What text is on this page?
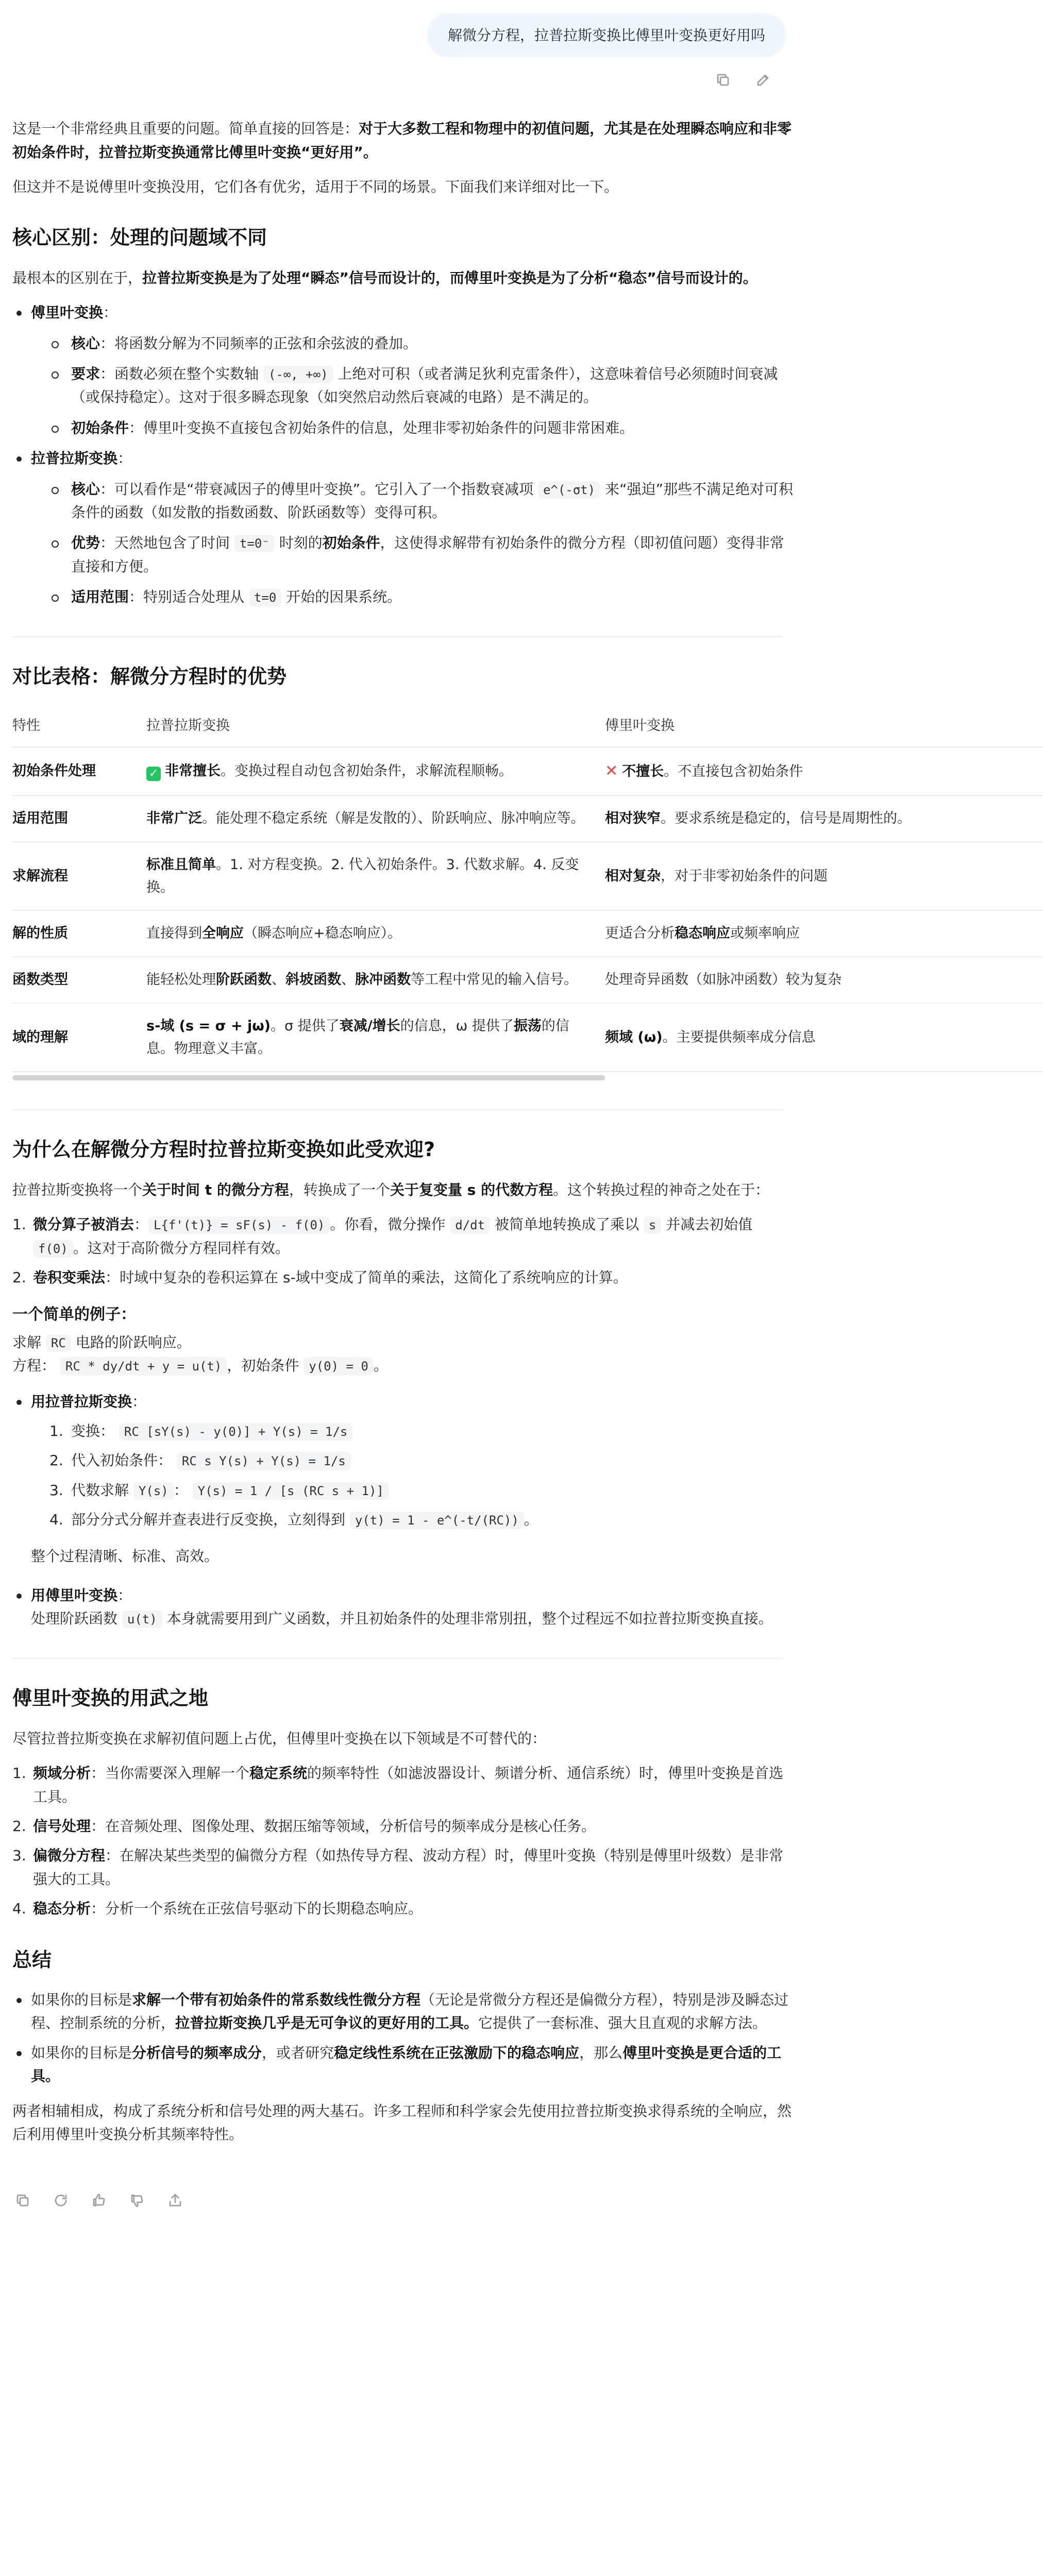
解微分方程，拉普拉斯变换比傅里叶变换更好用吗

这是一个非常经典且重要的问题。简单直接的回答是：对于大多数工程和物理中的初值问题，尤其是在处理瞬态响应和非零初始条件时，拉普拉斯变换通常比傅里叶变换“更好用”。

但这并不是说傅里叶变换没用，它们各有优劣，适用于不同的场景。下面我们来详细对比一下。

核心区别：处理的问题域不同

最根本的区别在于，拉普拉斯变换是为了处理“瞬态”信号而设计的，而傅里叶变换是为了分析“稳态”信号而设计的。

傅里叶变换：
核心：将函数分解为不同频率的正弦和余弦波的叠加。
要求：函数必须在整个实数轴 (-∞, +∞) 上绝对可积（或者满足狄利克雷条件），这意味着信号必须随时间衰减（或保持稳定）。这对于很多瞬态现象（如突然启动然后衰减的电路）是不满足的。
初始条件：傅里叶变换不直接包含初始条件的信息，处理非零初始条件的问题非常困难。
拉普拉斯变换：
核心：可以看作是“带衰减因子的傅里叶变换”。它引入了一个指数衰减项 e^(-σt) 来“强迫”那些不满足绝对可积条件的函数（如发散的指数函数、阶跃函数等）变得可积。
优势：天然地包含了时间 t=0⁻ 时刻的初始条件，这使得求解带有初始条件的微分方程（即初值问题）变得非常直接和方便。
适用范围：特别适合处理从 t=0 开始的因果系统。
对比表格：解微分方程时的优势
特性	拉普拉斯变换	傅里叶变换
初始条件处理	✓ 非常擅长。变换过程自动包含初始条件，求解流程顺畅。	✕ 不擅长。不直接包含初始条件
适用范围	非常广泛。能处理不稳定系统（解是发散的）、阶跃响应、脉冲响应等。	相对狭窄。要求系统是稳定的，信号是周期性的。
求解流程	标准且简单。1. 对方程变换。2. 代入初始条件。3. 代数求解。4. 反变换。	相对复杂，对于非零初始条件的问题
解的性质	直接得到全响应（瞬态响应+稳态响应）。	更适合分析稳态响应或频率响应
函数类型	能轻松处理阶跃函数、斜坡函数、脉冲函数等工程中常见的输入信号。	处理奇异函数（如脉冲函数）较为复杂
域的理解	s-域 (s = σ + jω)。σ 提供了衰减/增长的信息，ω 提供了振荡的信息。物理意义丰富。	频域 (ω)。主要提供频率成分信息
为什么在解微分方程时拉普拉斯变换如此受欢迎?

拉普拉斯变换将一个关于时间 t 的微分方程，转换成了一个关于复变量 s 的代数方程。这个转换过程的神奇之处在于：

1. 微分算子被消去： L{f'(t)} = sF(s) - f(0) 。你看，微分操作 d/dt 被简单地转换成了乘以 s 并减去初始值 f(0) 。这对于高阶微分方程同样有效。
2. 卷积变乘法：时域中复杂的卷积运算在 s-域中变成了简单的乘法，这简化了系统响应的计算。
一个简单的例子：
求解 RC 电路的阶跃响应。
方程： RC * dy/dt + y = u(t) ，初始条件 y(0) = 0 。
用拉普拉斯变换：
1. 变换： RC [sY(s) - y(0)] + Y(s) = 1/s
2. 代入初始条件： RC s Y(s) + Y(s) = 1/s
3. 代数求解 Y(s) ： Y(s) = 1 / [s (RC s + 1)]
4. 部分分式分解并查表进行反变换，立刻得到 y(t) = 1 - e^(-t/(RC)) 。

整个过程清晰、标准、高效。

用傅里叶变换：
处理阶跃函数 u(t) 本身就需要用到广义函数，并且初始条件的处理非常別扭，整个过程远不如拉普拉斯变换直接。
傅里叶变换的用武之地

尽管拉普拉斯变换在求解初值问题上占优，但傅里叶变换在以下领域是不可替代的：

1. 频域分析：当你需要深入理解一个稳定系统的频率特性（如滤波器设计、频谱分析、通信系统）时，傅里叶变换是首选工具。
2. 信号处理：在音频处理、图像处理、数据压缩等领域，分析信号的频率成分是核心任务。
3. 偏微分方程：在解决某些类型的偏微分方程（如热传导方程、波动方程）时，傅里叶变换（特别是傅里叶级数）是非常强大的工具。
4. 稳态分析：分析一个系统在正弦信号驱动下的长期稳态响应。
总结
如果你的目标是求解一个带有初始条件的常系数线性微分方程（无论是常微分方程还是偏微分方程），特别是涉及瞬态过程、控制系统的分析，拉普拉斯变换几乎是无可争议的更好用的工具。它提供了一套标准、强大且直观的求解方法。
如果你的目标是分析信号的频率成分，或者研究稳定线性系统在正弦激励下的稳态响应，那么傅里叶变换是更合适的工具。

两者相辅相成，构成了系统分析和信号处理的两大基石。许多工程师和科学家会先使用拉普拉斯变换求得系统的全响应，然后利用傅里叶变换分析其频率特性。
